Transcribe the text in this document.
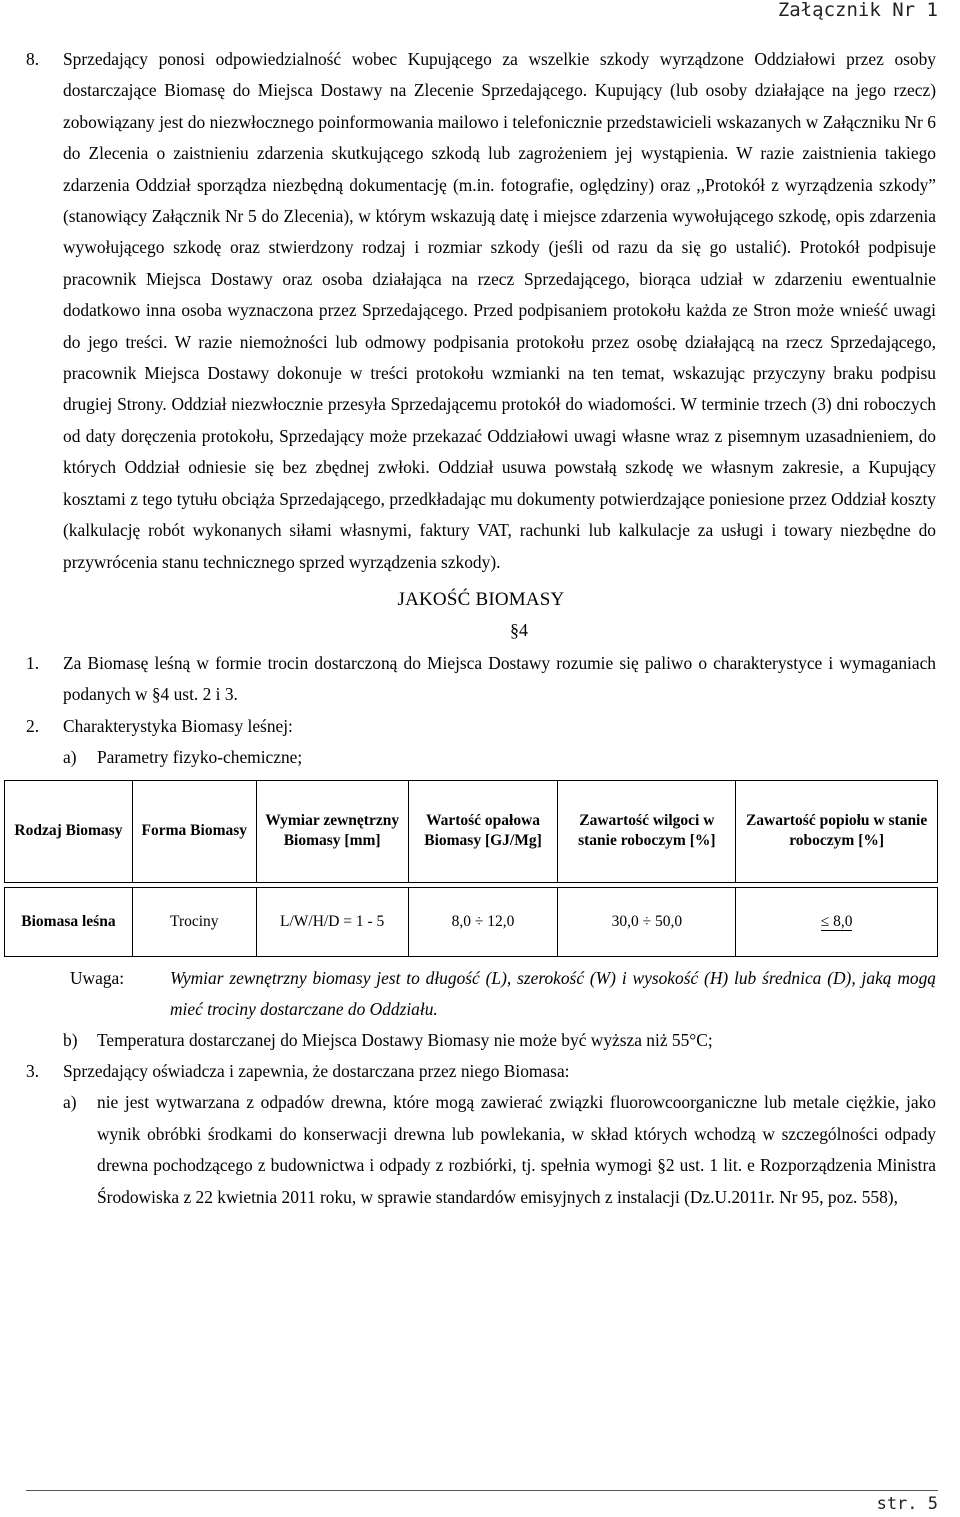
Załącznik Nr 1
8. Sprzedający ponosi odpowiedzialność wobec Kupującego za wszelkie szkody wyrządzone Oddziałowi przez osoby dostarczające Biomasę do Miejsca Dostawy na Zlecenie Sprzedającego. Kupujący (lub osoby działające na jego rzecz) zobowiązany jest do niezwłocznego poinformowania mailowo i telefonicznie przedstawicieli wskazanych w Załączniku Nr 6 do Zlecenia o zaistnieniu zdarzenia skutkującego szkodą lub zagrożeniem jej wystąpienia. W razie zaistnienia takiego zdarzenia Oddział sporządza niezbędną dokumentację (m.in. fotografie, oględziny) oraz ,,Protokół z wyrządzenia szkody” (stanowiący Załącznik Nr 5 do Zlecenia), w którym wskazują datę i miejsce zdarzenia wywołującego szkodę, opis zdarzenia wywołującego szkodę oraz stwierdzony rodzaj i rozmiar szkody (jeśli od razu da się go ustalić). Protokół podpisuje pracownik Miejsca Dostawy oraz osoba działająca na rzecz Sprzedającego, biorąca udział w zdarzeniu ewentualnie dodatkowo inna osoba wyznaczona przez Sprzedającego. Przed podpisaniem protokołu każda ze Stron może wnieść uwagi do jego treści. W razie niemożności lub odmowy podpisania protokołu przez osobę działającą na rzecz Sprzedającego, pracownik Miejsca Dostawy dokonuje w treści protokołu wzmianki na ten temat, wskazując przyczyny braku podpisu drugiej Strony. Oddział niezwłocznie przesyła Sprzedającemu protokół do wiadomości. W terminie trzech (3) dni roboczych od daty doręczenia protokołu, Sprzedający może przekazać Oddziałowi uwagi własne wraz z pisemnym uzasadnieniem, do których Oddział odniesie się bez zbędnej zwłoki. Oddział usuwa powstałą szkodę we własnym zakresie, a Kupujący kosztami z tego tytułu obciąża Sprzedającego, przedkładając mu dokumenty potwierdzające poniesione przez Oddział koszty (kalkulację robót wykonanych siłami własnymi, faktury VAT, rachunki lub kalkulacje za usługi i towary niezbędne do przywrócenia stanu technicznego sprzed wyrządzenia szkody).

JAKOŚĆ BIOMASY
§4
1. Za Biomasę leśną w formie trocin dostarczoną do Miejsca Dostawy rozumie się paliwo o charakterystyce i wymaganiach podanych w §4 ust. 2 i 3.

2. Charakterystyka Biomasy leśnej:

a) Parametry fizyko-chemiczne;
Rodzaj Biomasy	Forma Biomasy	Wymiar zewnętrzny Biomasy [mm]	Wartość opałowa Biomasy [GJ/Mg]	Zawartość wilgoci w stanie roboczym [%]	Zawartość popiołu w stanie roboczym [%]

Biomasa leśna	Trociny	L/W/H/D = 1 - 5	8,0 ÷ 12,0	30,0 ÷ 50,0	≤ 8,0
Uwaga:	Wymiar zewnętrzny biomasy jest to długość (L), szerokość (W) i wysokość (H) lub średnica (D), jaką mogą mieć trociny dostarczane do Oddziału.
b) Temperatura dostarczanej do Miejsca Dostawy Biomasy nie może być wyższa niż 55°C;
3. Sprzedający oświadcza i zapewnia, że dostarczana przez niego Biomasa:

a) nie jest wytwarzana z odpadów drewna, które mogą zawierać związki fluorowcoorganiczne lub metale ciężkie, jako wynik obróbki środkami do konserwacji drewna lub powlekania, w skład których wchodzą w szczególności odpady drewna pochodzącego z budownictwa i odpady z rozbiórki, tj. spełnia wymogi §2 ust. 1 lit. e Rozporządzenia Ministra Środowiska z 22 kwietnia 2011 roku, w sprawie standardów emisyjnych z instalacji (Dz.U.2011r. Nr 95, poz. 558),
str. 5
